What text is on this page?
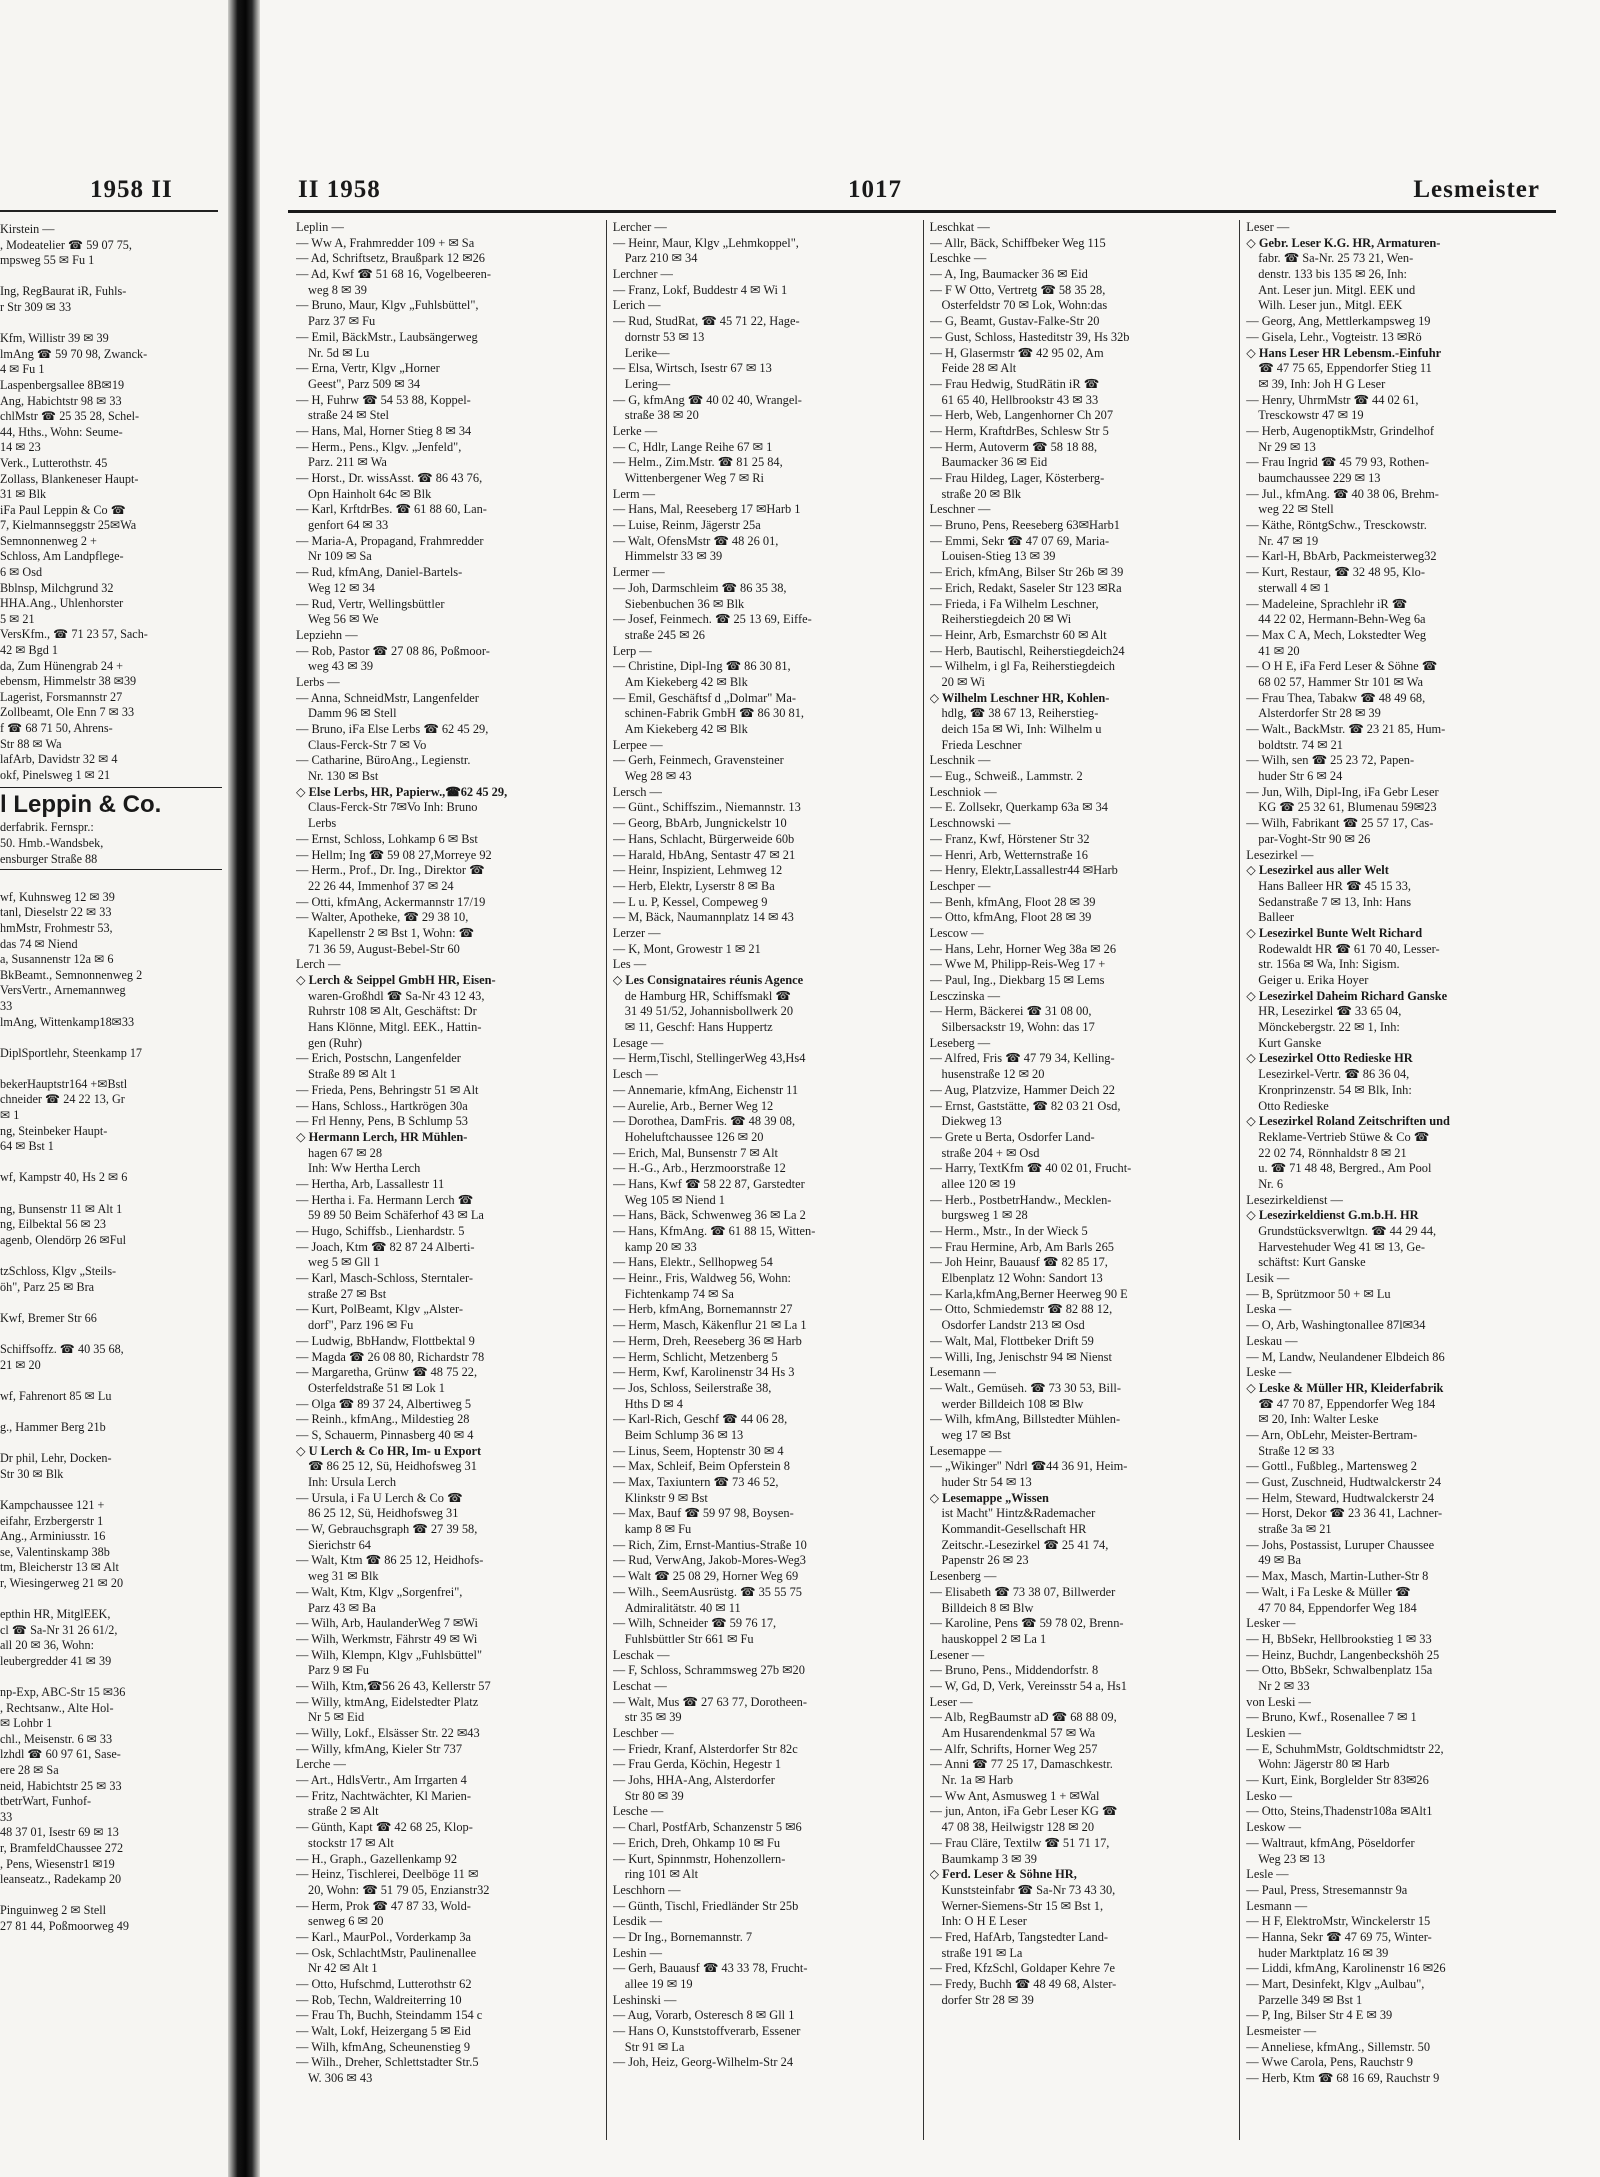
1958 II
Kirstein —
, Modeatelier ☎ 59 07 75,
mpsweg 55 ✉ Fu 1

Ing, RegBaurat iR, Fuhls-
r Str 309 ✉ 33

Kfm, Willistr 39 ✉ 39
lmAng ☎ 59 70 98, Zwanck-
4 ✉ Fu 1
Laspenbergsallee 8B✉19
Ang, Habichtstr 98 ✉ 33
chlMstr ☎ 25 35 28, Schel-
44, Hths., Wohn: Seume-
14 ✉ 23
Verk., Lutterothstr. 45
Zollass, Blankeneser Haupt-
31 ✉ Blk
iFa Paul Leppin & Co ☎
7, Kielmannseggstr 25✉Wa
Semnonnenweg 2 +
Schloss, Am Landpflege-
6 ✉ Osd
Bblnsp, Milchgrund 32
HHA.Ang., Uhlenhorster
5 ✉ 21
VersKfm., ☎ 71 23 57, Sach-
42 ✉ Bgd 1
da, Zum Hünengrab 24 +
ebensm, Himmelstr 38 ✉39
Lagerist, Forsmannstr 27
Zollbeamt, Ole Enn 7 ✉ 33
f ☎ 68 71 50, Ahrens-
Str 88 ✉ Wa
lafArb, Davidstr 32 ✉ 4
okf, Pinelsweg 1 ✉ 21
l Leppin & Co.
derfabrik. Fernspr.:
50. Hmb.-Wandsbek,
ensburger Straße 88

wf, Kuhnsweg 12 ✉ 39
tanl, Dieselstr 22 ✉ 33
hmMstr, Frohmestr 53,
das 74 ✉ Niend
a, Susannenstr 12a ✉ 6
BkBeamt., Semnonnenweg 2
VersVertr., Arnemannweg
33
lmAng, Wittenkamp18✉33

DiplSportlehr, Steenkamp 17

bekerHauptstr164 +✉Bstl
chneider ☎ 24 22 13, Gr
✉ 1
ng, Steinbeker Haupt-
64 ✉ Bst 1

wf, Kampstr 40, Hs 2 ✉ 6

ng, Bunsenstr 11 ✉ Alt 1
ng, Eilbektal 56 ✉ 23
agenb, Olendörp 26 ✉Ful

tzSchloss, Klgv „Steils-
öh", Parz 25 ✉ Bra

Kwf, Bremer Str 66

Schiffsoffz. ☎ 40 35 68,
21 ✉ 20

wf, Fahrenort 85 ✉ Lu

g., Hammer Berg 21b

Dr phil, Lehr, Docken-
Str 30 ✉ Blk

Kampchaussee 121 +
eifahr, Erzbergerstr 1
Ang., Arminiusstr. 16
se, Valentinskamp 38b
tm, Bleicherstr 13 ✉ Alt
r, Wiesingerweg 21 ✉ 20

epthin HR, MitglEEK,
cl ☎ Sa-Nr 31 26 61/2,
all 20 ✉ 36, Wohn:
leubergredder 41 ✉ 39

np-Exp, ABC-Str 15 ✉36
, Rechtsanw., Alte Hol-
✉ Lohbr 1
chl., Meisenstr. 6 ✉ 33
lzhdl ☎ 60 97 61, Sase-
ere 28 ✉ Sa
neid, Habichtstr 25 ✉ 33
tbetrWart, Funhof-
33
48 37 01, Isestr 69 ✉ 13
r, BramfeldChaussee 272
, Pens, Wiesenstr1 ✉19
leanseatz., Radekamp 20

Pinguinweg 2 ✉ Stell
27 81 44, Poßmoorweg 49
II 1958	1017	Lesmeister
Leplin —
— Ww A, Frahmredder 109 + ✉ Sa
— Ad, Schriftsetz, Braußpark 12 ✉26
— Ad, Kwf ☎ 51 68 16, Vogelbeeren-
weg 8 ✉ 39
— Bruno, Maur, Klgv „Fuhlsbüttel",
Parz 37 ✉ Fu
— Emil, BäckMstr., Laubsängerweg
Nr. 5d ✉ Lu
— Erna, Vertr, Klgv „Horner
Geest", Parz 509 ✉ 34
— H, Fuhrw ☎ 54 53 88, Koppel-
straße 24 ✉ Stel
— Hans, Mal, Horner Stieg 8 ✉ 34
— Herm., Pens., Klgv. „Jenfeld",
Parz. 211 ✉ Wa
— Horst., Dr. wissAsst. ☎ 86 43 76,
Opn Hainholt 64c ✉ Blk
— Karl, KrftdrBes. ☎ 61 88 60, Lan-
genfort 64 ✉ 33
— Maria-A, Propagand, Frahmredder
Nr 109 ✉ Sa
— Rud, kfmAng, Daniel-Bartels-
Weg 12 ✉ 34
— Rud, Vertr, Wellingsbüttler
Weg 56 ✉ We
Lepziehn —
— Rob, Pastor ☎ 27 08 86, Poßmoor-
weg 43 ✉ 39
Lerbs —
— Anna, SchneidMstr, Langenfelder
Damm 96 ✉ Stell
— Bruno, iFa Else Lerbs ☎ 62 45 29,
Claus-Ferck-Str 7 ✉ Vo
— Catharine, BüroAng., Legienstr.
Nr. 130 ✉ Bst
◇ Else Lerbs, HR, Papierw.,☎62 45 29,
Claus-Ferck-Str 7✉Vo Inh: Bruno
Lerbs
— Ernst, Schloss, Lohkamp 6 ✉ Bst
— Hellm; Ing ☎ 59 08 27,Morreye 92
— Herm., Prof., Dr. Ing., Direktor ☎
22 26 44, Immenhof 37 ✉ 24
— Otti, kfmAng, Ackermannstr 17/19
— Walter, Apotheke, ☎ 29 38 10,
Kapellenstr 2 ✉ Bst 1, Wohn: ☎
71 36 59, August-Bebel-Str 60
Lerch —
◇ Lerch & Seippel GmbH HR, Eisen-
waren-Großhdl ☎ Sa-Nr 43 12 43,
Ruhrstr 108 ✉ Alt, Geschäftst: Dr
Hans Klönne, Mitgl. EEK., Hattin-
gen (Ruhr)
— Erich, Postschn, Langenfelder
Straße 89 ✉ Alt 1
— Frieda, Pens, Behringstr 51 ✉ Alt
— Hans, Schloss., Hartkrögen 30a
— Frl Henny, Pens, B Schlump 53
◇ Hermann Lerch, HR Mühlen-
hagen 67 ✉ 28
Inh: Ww Hertha Lerch
— Hertha, Arb, Lassallestr 11
— Hertha i. Fa. Hermann Lerch ☎
59 89 50 Beim Schäferhof 43 ✉ La
— Hugo, Schiffsb., Lienhardstr. 5
— Joach, Ktm ☎ 82 87 24 Alberti-
weg 5 ✉ Gll 1
— Karl, Masch-Schloss, Sterntaler-
straße 27 ✉ Bst
— Kurt, PolBeamt, Klgv „Alster-
dorf", Parz 196 ✉ Fu
— Ludwig, BbHandw, Flottbektal 9
— Magda ☎ 26 08 80, Richardstr 78
— Margaretha, Grünw ☎ 48 75 22,
Osterfeldstraße 51 ✉ Lok 1
— Olga ☎ 89 37 24, Albertiweg 5
— Reinh., kfmAng., Mildestieg 28
— S, Schauerm, Pinnasberg 40 ✉ 4
◇ U Lerch & Co HR, Im- u Export
☎ 86 25 12, Sü, Heidhofsweg 31
Inh: Ursula Lerch
— Ursula, i Fa U Lerch & Co ☎
86 25 12, Sü, Heidhofsweg 31
— W, Gebrauchsgraph ☎ 27 39 58,
Sierichstr 64
— Walt, Ktm ☎ 86 25 12, Heidhofs-
weg 31 ✉ Blk
— Walt, Ktm, Klgv „Sorgenfrei",
Parz 43 ✉ Ba
— Wilh, Arb, HaulanderWeg 7 ✉Wi
— Wilh, Werkmstr, Fährstr 49 ✉ Wi
— Wilh, Klempn, Klgv „Fuhlsbüttel"
Parz 9 ✉ Fu
— Wilh, Ktm,☎56 26 43, Kellerstr 57
— Willy, ktmAng, Eidelstedter Platz
Nr 5 ✉ Eid
— Willy, Lokf., Elsässer Str. 22 ✉43
— Willy, kfmAng, Kieler Str 737
Lerche —
— Art., HdlsVertr., Am Irrgarten 4
— Fritz, Nachtwächter, Kl Marien-
straße 2 ✉ Alt
— Günth, Kapt ☎ 42 68 25, Klop-
stockstr 17 ✉ Alt
— H., Graph., Gazellenkamp 92
— Heinz, Tischlerei, Deelbögе 11 ✉
20, Wohn: ☎ 51 79 05, Enzianstr32
— Herm, Prok ☎ 47 87 33, Wold-
senweg 6 ✉ 20
— Karl., MaurPol., Vorderkamp 3a
— Osk, SchlachtMstr, Paulinenallee
Nr 42 ✉ Alt 1
— Otto, Hufschmd, Lutterothstr 62
— Rob, Techn, Waldreiterring 10
— Frau Th, Buchh, Steindamm 154 c
— Walt, Lokf, Heizergang 5 ✉ Eid
— Wilh, kfmAng, Scheunenstieg 9
— Wilh., Dreher, Schlettstadter Str.5
W. 306 ✉ 43
Lercher —
— Heinr, Maur, Klgv „Lehmkoppel",
Parz 210 ✉ 34
Lerchner —
— Franz, Lokf, Buddestr 4 ✉ Wi 1
Lerich —
— Rud, StudRat, ☎ 45 71 22, Hage-
dornstr 53 ✉ 13
Lerike—
— Elsa, Wirtsch, Isestr 67 ✉ 13
Lering—
— G, kfmAng ☎ 40 02 40, Wrangel-
straße 38 ✉ 20
Lerke —
— C, Hdlr, Lange Reihe 67 ✉ 1
— Helm., Zim.Mstr. ☎ 81 25 84,
Wittenbergener Weg 7 ✉ Ri
Lerm —
— Hans, Mal, Reeseberg 17 ✉Harb 1
— Luise, Reinm, Jägerstr 25a
— Walt, OfensMstr ☎ 48 26 01,
Himmelstr 33 ✉ 39
Lermer —
— Joh, Darmschleim ☎ 86 35 38,
Siebenbuchen 36 ✉ Blk
— Josef, Feinmech. ☎ 25 13 69, Eiffe-
straße 245 ✉ 26
Lerp —
— Christine, Dipl-Ing ☎ 86 30 81,
Am Kiekeberg 42 ✉ Blk
— Emil, Geschäftsf d „Dolmar" Ma-
schinen-Fabrik GmbH ☎ 86 30 81,
Am Kiekeberg 42 ✉ Blk
Lerpee —
— Gerh, Feinmech, Gravensteiner
Weg 28 ✉ 43
Lersch —
— Günt., Schiffszim., Niemannstr. 13
— Georg, BbArb, Jungnickelstr 10
— Hans, Schlacht, Bürgerweide 60b
— Harald, HbAng, Sentastr 47 ✉ 21
— Heinr, Inspizient, Lehmweg 12
— Herb, Elektr, Lyserstr 8 ✉ Ba
— L u. P, Kessel, Compeweg 9
— M, Bäck, Naumannplatz 14 ✉ 43
Lerzer —
— K, Mont, Growestr 1 ✉ 21
Les —
◇ Les Consignataires réunis Agence
de Hamburg HR, Schiffsmakl ☎
31 49 51/52, Johannisbollwerk 20
✉ 11, Geschf: Hans Huppertz
Lesage —
— Herm,Tischl, StellingerWeg 43,Hs4
Lesch —
— Annemarie, kfmAng, Eichenstr 11
— Aurelie, Arb., Berner Weg 12
— Dorothea, DamFris. ☎ 48 39 08,
Hoheluftchaussee 126 ✉ 20
— Erich, Mal, Bunsenstr 7 ✉ Alt
— H.-G., Arb., Herzmoorstraße 12
— Hans, Kwf ☎ 58 22 87, Garstedter
Weg 105 ✉ Niend 1
— Hans, Bäck, Schwenweg 36 ✉ La 2
— Hans, KfmAng. ☎ 61 88 15, Witten-
kamp 20 ✉ 33
— Hans, Elektr., Sellhopweg 54
— Heinr., Fris, Waldweg 56, Wohn:
Fichtenkamp 74 ✉ Sa
— Herb, kfmAng, Bornemannstr 27
— Herm, Masch, Käkenflur 21 ✉ La 1
— Herm, Dreh, Reeseberg 36 ✉ Harb
— Herm, Schlicht, Metzenberg 5
— Herm, Kwf, Karolinenstr 34 Hs 3
— Jos, Schloss, Seilerstraße 38,
Hths D ✉ 4
— Karl-Rich, Geschf ☎ 44 06 28,
Beim Schlump 36 ✉ 13
— Linus, Seem, Hoptenstr 30 ✉ 4
— Max, Schleif, Beim Opferstein 8
— Max, Taxiuntern ☎ 73 46 52,
Klinkstr 9 ✉ Bst
— Max, Bauf ☎ 59 97 98, Boysen-
kamp 8 ✉ Fu
— Rich, Zim, Ernst-Mantius-Straße 10
— Rud, VerwAng, Jakob-Mores-Weg3
— Walt ☎ 25 08 29, Horner Weg 69
— Wilh., SeemAusrüstg. ☎ 35 55 75
Admiralitätstr. 40 ✉ 11
— Wilh, Schneider ☎ 59 76 17,
Fuhlsbüttler Str 661 ✉ Fu
Leschak —
— F, Schloss, Schrammsweg 27b ✉20
Leschat —
— Walt, Mus ☎ 27 63 77, Dorotheen-
str 35 ✉ 39
Leschber —
— Friedr, Kranf, Alsterdorfer Str 82c
— Frau Gerda, Köchin, Hegestr 1
— Johs, HHA-Ang, Alsterdorfer
Str 80 ✉ 39
Lesche —
— Charl, PostfArb, Schanzenstr 5 ✉6
— Erich, Dreh, Ohkamp 10 ✉ Fu
— Kurt, Spinnmstr, Hohenzollern-
ring 101 ✉ Alt
Leschhorn —
— Günth, Tischl, Friedländer Str 25b
Lesdik —
— Dr Ing., Bornemannstr. 7
Leshin —
— Gerh, Bauausf ☎ 43 33 78, Frucht-
allee 19 ✉ 19
Leshinski —
— Aug, Vorarb, Osteresch 8 ✉ Gll 1
— Hans O, Kunststoffverarb, Essener
Str 91 ✉ La
— Joh, Heiz, Georg-Wilhelm-Str 24
Leschkat —
— Allr, Bäck, Schiffbeker Weg 115
Leschke —
— A, Ing, Baumacker 36 ✉ Eid
— F W Otto, Vertretg ☎ 58 35 28,
Osterfeldstr 70 ✉ Lok, Wohn:das
— G, Beamt, Gustav-Falke-Str 20
— Gust, Schloss, Hasteditstr 39, Hs 32b
— H, Glasermstr ☎ 42 95 02, Am
Feide 28 ✉ Alt
— Frau Hedwig, StudRätin iR ☎
61 65 40, Hellbrookstr 43 ✉ 33
— Herb, Web, Langenhorner Ch 207
— Herm, KraftdrBes, Schlesw Str 5
— Herm, Autoverm ☎ 58 18 88,
Baumacker 36 ✉ Eid
— Frau Hildeg, Lager, Kösterberg-
straße 20 ✉ Blk
Leschner —
— Bruno, Pens, Reeseberg 63✉Harb1
— Emmi, Sekr ☎ 47 07 69, Maria-
Louisen-Stieg 13 ✉ 39
— Erich, kfmAng, Bilser Str 26b ✉ 39
— Erich, Redakt, Saseler Str 123 ✉Ra
— Frieda, i Fa Wilhelm Leschner,
Reiherstiegdeich 20 ✉ Wi
— Heinr, Arb, Esmarchstr 60 ✉ Alt
— Herb, Bautischl, Reiherstiegdeich24
— Wilhelm, i gl Fa, Reiherstiegdeich
20 ✉ Wi
◇ Wilhelm Leschner HR, Kohlen-
hdlg, ☎ 38 67 13, Reiherstieg-
deich 15a ✉ Wi, Inh: Wilhelm u
Frieda Leschner
Leschnik —
— Eug., Schweiß., Lammstr. 2
Leschniok —
— E. Zollsekr, Querkamp 63a ✉ 34
Leschnowski —
— Franz, Kwf, Hörstener Str 32
— Henri, Arb, Wetternstraße 16
— Henry, Elektr,Lassallestr44 ✉Harb
Leschper —
— Benh, kfmAng, Floot 28 ✉ 39
— Otto, kfmAng, Floot 28 ✉ 39
Lescow —
— Hans, Lehr, Horner Weg 38a ✉ 26
— Wwe M, Philipp-Reis-Weg 17 +
— Paul, Ing., Diekbarg 15 ✉ Lems
Lesczinska —
— Herm, Bäckerei ☎ 31 08 00,
Silbersackstr 19, Wohn: das 17
Leseberg —
— Alfred, Fris ☎ 47 79 34, Kelling-
husenstraße 12 ✉ 20
— Aug, Platzvize, Hammer Deich 22
— Ernst, Gaststätte, ☎ 82 03 21 Osd,
Diekweg 13
— Grete u Berta, Osdorfer Land-
straße 204 + ✉ Osd
— Harry, TextKfm ☎ 40 02 01, Frucht-
allee 120 ✉ 19
— Herb., PostbetrHandw., Mecklen-
burgsweg 1 ✉ 28
— Herm., Mstr., In der Wieck 5
— Frau Hermine, Arb, Am Barls 265
— Joh Heinr, Bauausf ☎ 82 85 17,
Elbenplatz 12 Wohn: Sandort 13
— Karla,kfmAng,Berner Heerweg 90 E
— Otto, Schmiedemstr ☎ 82 88 12,
Osdorfer Landstr 213 ✉ Osd
— Walt, Mal, Flottbeker Drift 59
— Willi, Ing, Jenischstr 94 ✉ Nienst
Lesemann —
— Walt., Gemüseh. ☎ 73 30 53, Bill-
werder Billdeich 108 ✉ Blw
— Wilh, kfmAng, Billstedter Mühlen-
weg 17 ✉ Bst
Lesemappe —
— „Wikinger" Ndrl ☎44 36 91, Heim-
huder Str 54 ✉ 13
◇ Lesemappe „Wissen
ist Macht" Hintz&Rademacher
Kommandit-Gesellschaft HR
Zeitschr.-Lesezirkel ☎ 25 41 74,
Papenstr 26 ✉ 23
Lesenberg —
— Elisabeth ☎ 73 38 07, Billwerder
Billdeich 8 ✉ Blw
— Karoline, Pens ☎ 59 78 02, Brenn-
hauskoppel 2 ✉ La 1
Lesener —
— Bruno, Pens., Middendorfstr. 8
— W, Gd, D, Verk, Vereinsstr 54 a, Hs1
Leser —
— Alb, RegBaumstr aD ☎ 68 88 09,
Am Husarendenkmal 57 ✉ Wa
— Alfr, Schrifts, Horner Weg 257
— Anni ☎ 77 25 17, Damaschkestr.
Nr. 1a ✉ Harb
— Ww Ant, Asmusweg 1 + ✉Wal
— jun, Anton, iFa Gebr Leser KG ☎
47 08 38, Heilwigstr 128 ✉ 20
— Frau Cläre, Textilw ☎ 51 71 17,
Baumkamp 3 ✉ 39
◇ Ferd. Leser & Söhne HR,
Kunststeinfabr ☎ Sa-Nr 73 43 30,
Werner-Siemens-Str 15 ✉ Bst 1,
Inh: O H E Leser
— Fred, HafArb, Tangstedter Land-
straße 191 ✉ La
— Fred, KfzSchl, Goldaper Kehre 7e
— Fredy, Buchh ☎ 48 49 68, Alster-
dorfer Str 28 ✉ 39
Leser —
◇ Gebr. Leser K.G. HR, Armaturen-
fabr. ☎ Sa-Nr. 25 73 21, Wen-
denstr. 133 bis 135 ✉ 26, Inh:
Ant. Leser jun. Mitgl. EEK und
Wilh. Leser jun., Mitgl. EEK
— Georg, Ang, Mettlerkampsweg 19
— Gisela, Lehr., Vogteistr. 13 ✉Rö
◇ Hans Leser HR Lebensm.-Einfuhr
☎ 47 75 65, Eppendorfer Stieg 11
✉ 39, Inh: Joh H G Leser
— Henry, UhrmMstr ☎ 44 02 61,
Tresckowstr 47 ✉ 19
— Herb, AugenoptikMstr, Grindelhof
Nr 29 ✉ 13
— Frau Ingrid ☎ 45 79 93, Rothen-
baumchaussee 229 ✉ 13
— Jul., kfmAng. ☎ 40 38 06, Brehm-
weg 22 ✉ Stell
— Käthe, RöntgSchw., Tresckowstr.
Nr. 47 ✉ 19
— Karl-H, BbArb, Packmeisterweg32
— Kurt, Restaur, ☎ 32 48 95, Klo-
sterwall 4 ✉ 1
— Madeleine, Sprachlehr iR ☎
44 22 02, Hermann-Behn-Weg 6a
— Max C A, Mech, Lokstedter Weg
41 ✉ 20
— O H E, iFa Ferd Leser & Söhne ☎
68 02 57, Hammer Str 101 ✉ Wa
— Frau Thea, Tabakw ☎ 48 49 68,
Alsterdorfer Str 28 ✉ 39
— Walt., BackMstr. ☎ 23 21 85, Hum-
boldtstr. 74 ✉ 21
— Wilh, sen ☎ 25 23 72, Papen-
huder Str 6 ✉ 24
— Jun, Wilh, Dipl-Ing, iFa Gebr Leser
KG ☎ 25 32 61, Blumenau 59✉23
— Wilh, Fabrikant ☎ 25 57 17, Cas-
par-Voght-Str 90 ✉ 26
Lesezirkel —
◇ Lesezirkel aus aller Welt
Hans Balleer HR ☎ 45 15 33,
Sedanstraße 7 ✉ 13, Inh: Hans
Balleer
◇ Lesezirkel Bunte Welt Richard
Rodewaldt HR ☎ 61 70 40, Lesser-
str. 156a ✉ Wa, Inh: Sigism.
Geiger u. Erika Hoyer
◇ Lesezirkel Daheim Richard Ganske
HR, Lesezirkel ☎ 33 65 04,
Mönckebergstr. 22 ✉ 1, Inh:
Kurt Ganske
◇ Lesezirkel Otto Redieske HR
Lesezirkel-Vertr. ☎ 86 36 04,
Kronprinzenstr. 54 ✉ Blk, Inh:
Otto Redieske
◇ Lesezirkel Roland Zeitschriften und
Reklame-Vertrieb Stüwe & Co ☎
22 02 74, Rönnhaldstr 8 ✉ 21
u. ☎ 71 48 48, Bergred., Am Pool
Nr. 6
Lesezirkeldienst —
◇ Lesezirkeldienst G.m.b.H. HR
Grundstücksverwltgn. ☎ 44 29 44,
Harvestehuder Weg 41 ✉ 13, Ge-
schäftst: Kurt Ganske
Lesik —
— B, Sprützmoor 50 + ✉ Lu
Leska —
— O, Arb, Washingtonallee 87l✉34
Leskau —
— M, Landw, Neulandener Elbdeich 86
Leske —
◇ Leske & Müller HR, Kleiderfabrik
☎ 47 70 87, Eppendorfer Weg 184
✉ 20, Inh: Walter Leske
— Arn, ObLehr, Meister-Bertram-
Straße 12 ✉ 33
— Gottl., Fußbleg., Martensweg 2
— Gust, Zuschneid, Hudtwalckerstr 24
— Helm, Steward, Hudtwalckerstr 24
— Horst, Dekor ☎ 23 36 41, Lachner-
straße 3a ✉ 21
— Johs, Postassist, Luruper Chaussee
49 ✉ Ba
— Max, Masch, Martin-Luther-Str 8
— Walt, i Fa Leske & Müller ☎
47 70 84, Eppendorfer Weg 184
Lesker —
— H, BbSekr, Hellbrookstieg 1 ✉ 33
— Heinz, Buchdr, Langenbeckshöh 25
— Otto, BbSekr, Schwalbenplatz 15a
Nr 2 ✉ 33
von Leski —
— Bruno, Kwf., Rosenallee 7 ✉ 1
Leskien —
— E, SchuhmMstr, Goldtschmidtstr 22,
Wohn: Jägerstr 80 ✉ Harb
— Kurt, Eink, Borglelder Str 83✉26
Lesko —
— Otto, Steins,Thadenstr108a ✉Alt1
Leskow —
— Waltraut, kfmAng, Pöseldorfer
Weg 23 ✉ 13
Lesle —
— Paul, Press, Stresemannstr 9a
Lesmann —
— H F, ElektroMstr, Winckelerstr 15
— Hanna, Sekr ☎ 47 69 75, Winter-
huder Marktplatz 16 ✉ 39
— Liddi, kfmAng, Karolinenstr 16 ✉26
— Mart, Desinfekt, Klgv „Aulbau",
Parzelle 349 ✉ Bst 1
— P, Ing, Bilser Str 4 E ✉ 39
Lesmeister —
— Anneliese, kfmAng., Sillemstr. 50
— Wwe Carola, Pens, Rauchstr 9
— Herb, Ktm ☎ 68 16 69, Rauchstr 9
